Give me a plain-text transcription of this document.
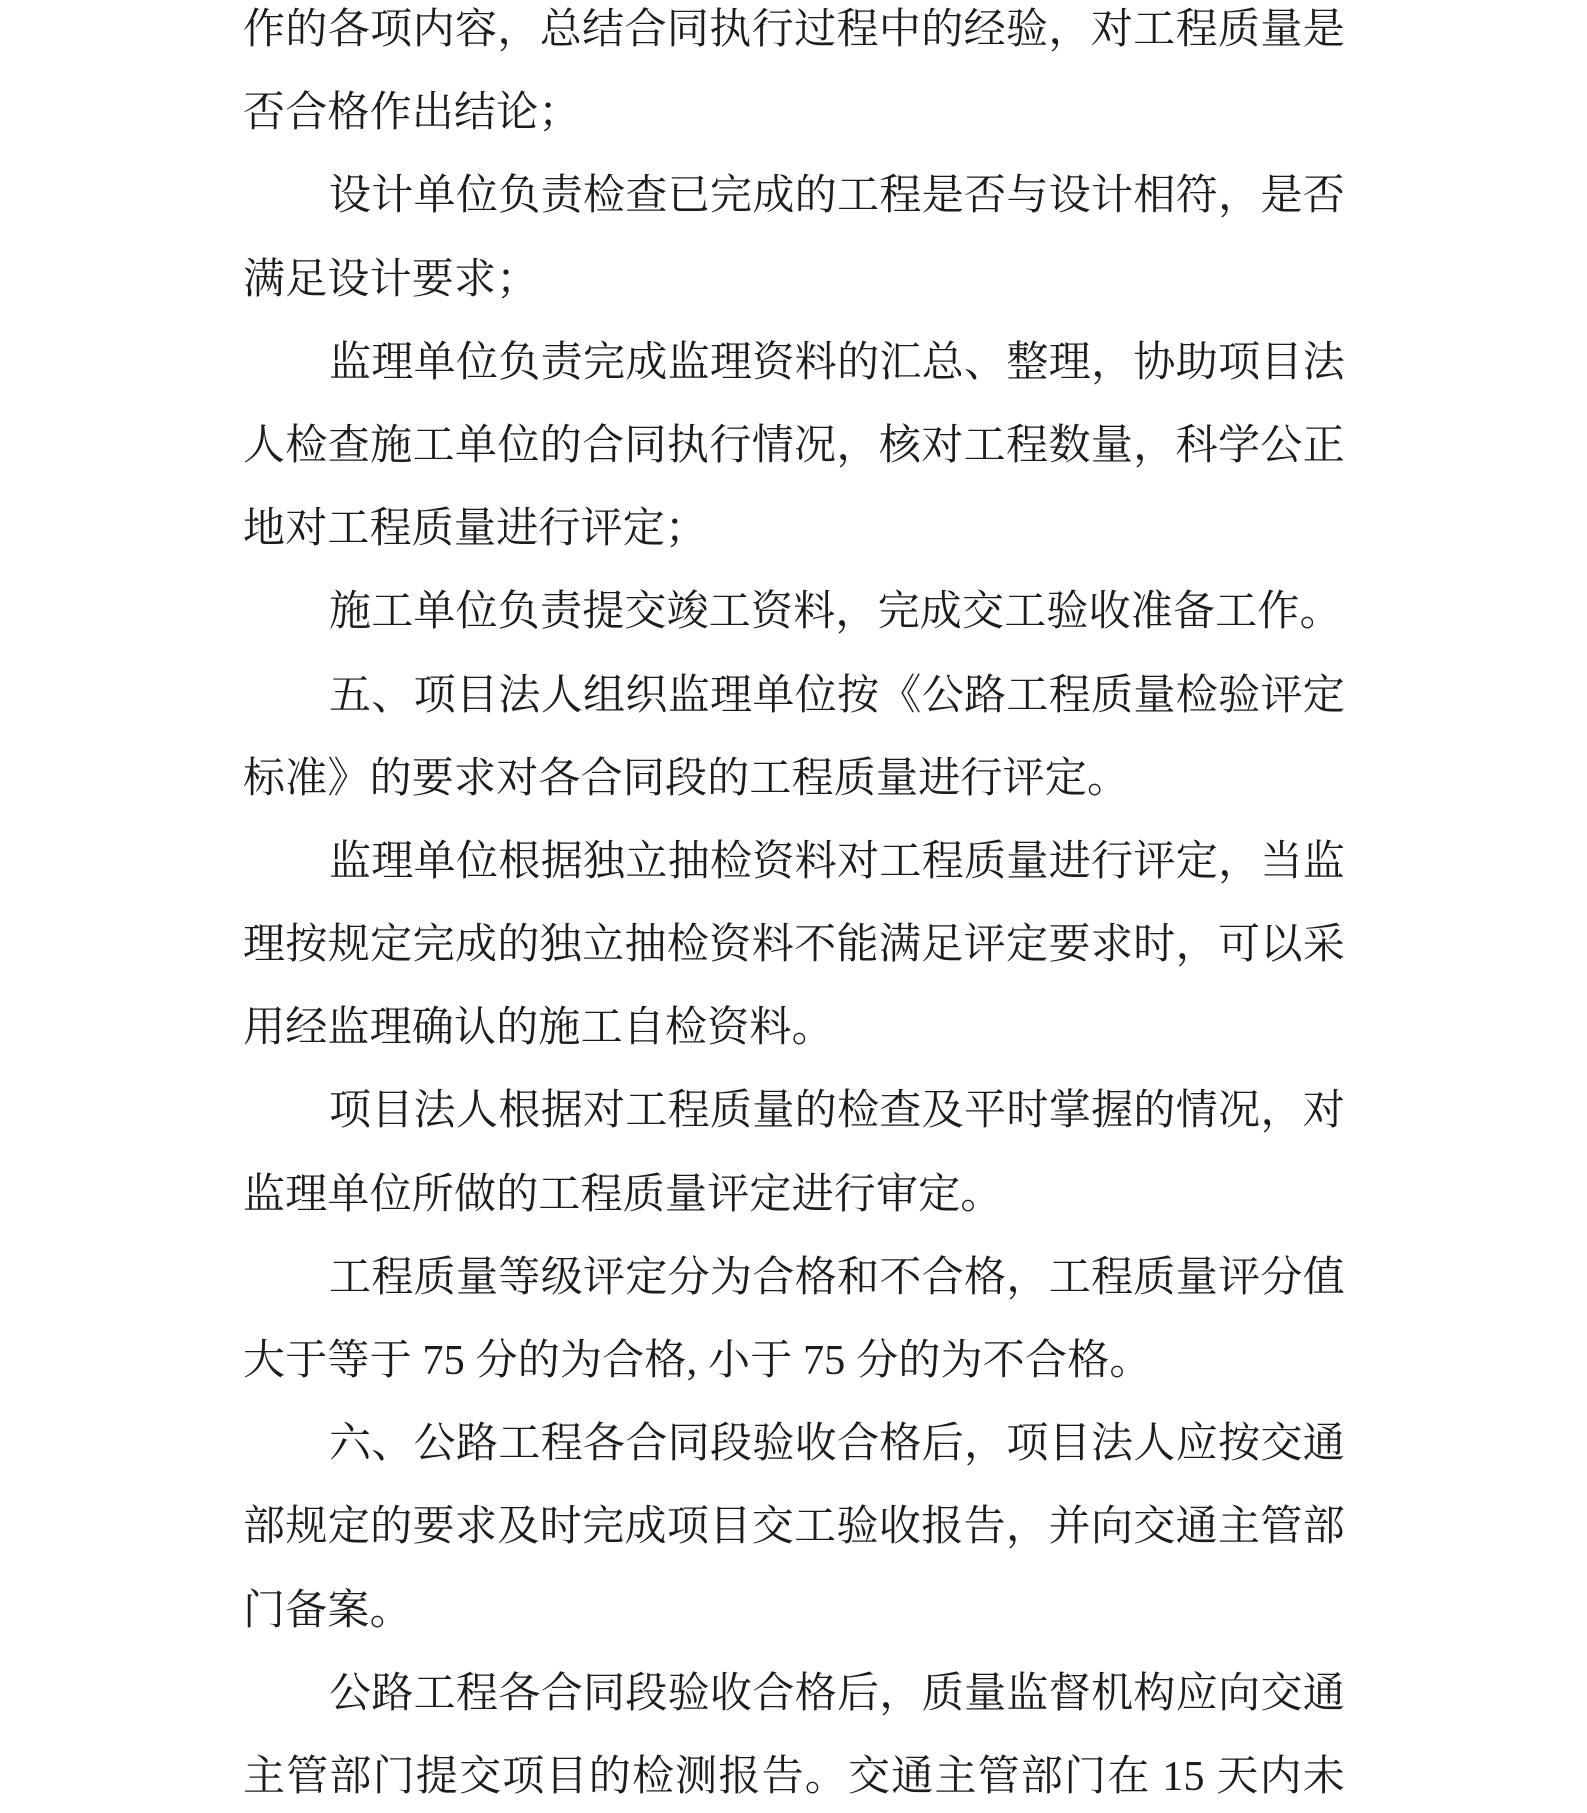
作的各项内容，总结合同执行过程中的经验，对工程质量是
否合格作出结论；
设计单位负责检查已完成的工程是否与设计相符，是否
满足设计要求；
监理单位负责完成监理资料的汇总、整理，协助项目法
人检查施工单位的合同执行情况，核对工程数量，科学公正
地对工程质量进行评定；
施工单位负责提交竣工资料，完成交工验收准备工作。
五、项目法人组织监理单位按《公路工程质量检验评定
标准》的要求对各合同段的工程质量进行评定。
监理单位根据独立抽检资料对工程质量进行评定，当监
理按规定完成的独立抽检资料不能满足评定要求时，可以采
用经监理确认的施工自检资料。
项目法人根据对工程质量的检查及平时掌握的情况，对
监理单位所做的工程质量评定进行审定。
工程质量等级评定分为合格和不合格，工程质量评分值
大于等于 75 分的为合格, 小于 75 分的为不合格。
六、公路工程各合同段验收合格后，项目法人应按交通
部规定的要求及时完成项目交工验收报告，并向交通主管部
门备案。
公路工程各合同段验收合格后，质量监督机构应向交通
主管部门提交项目的检测报告。交通主管部门在 15 天内未
